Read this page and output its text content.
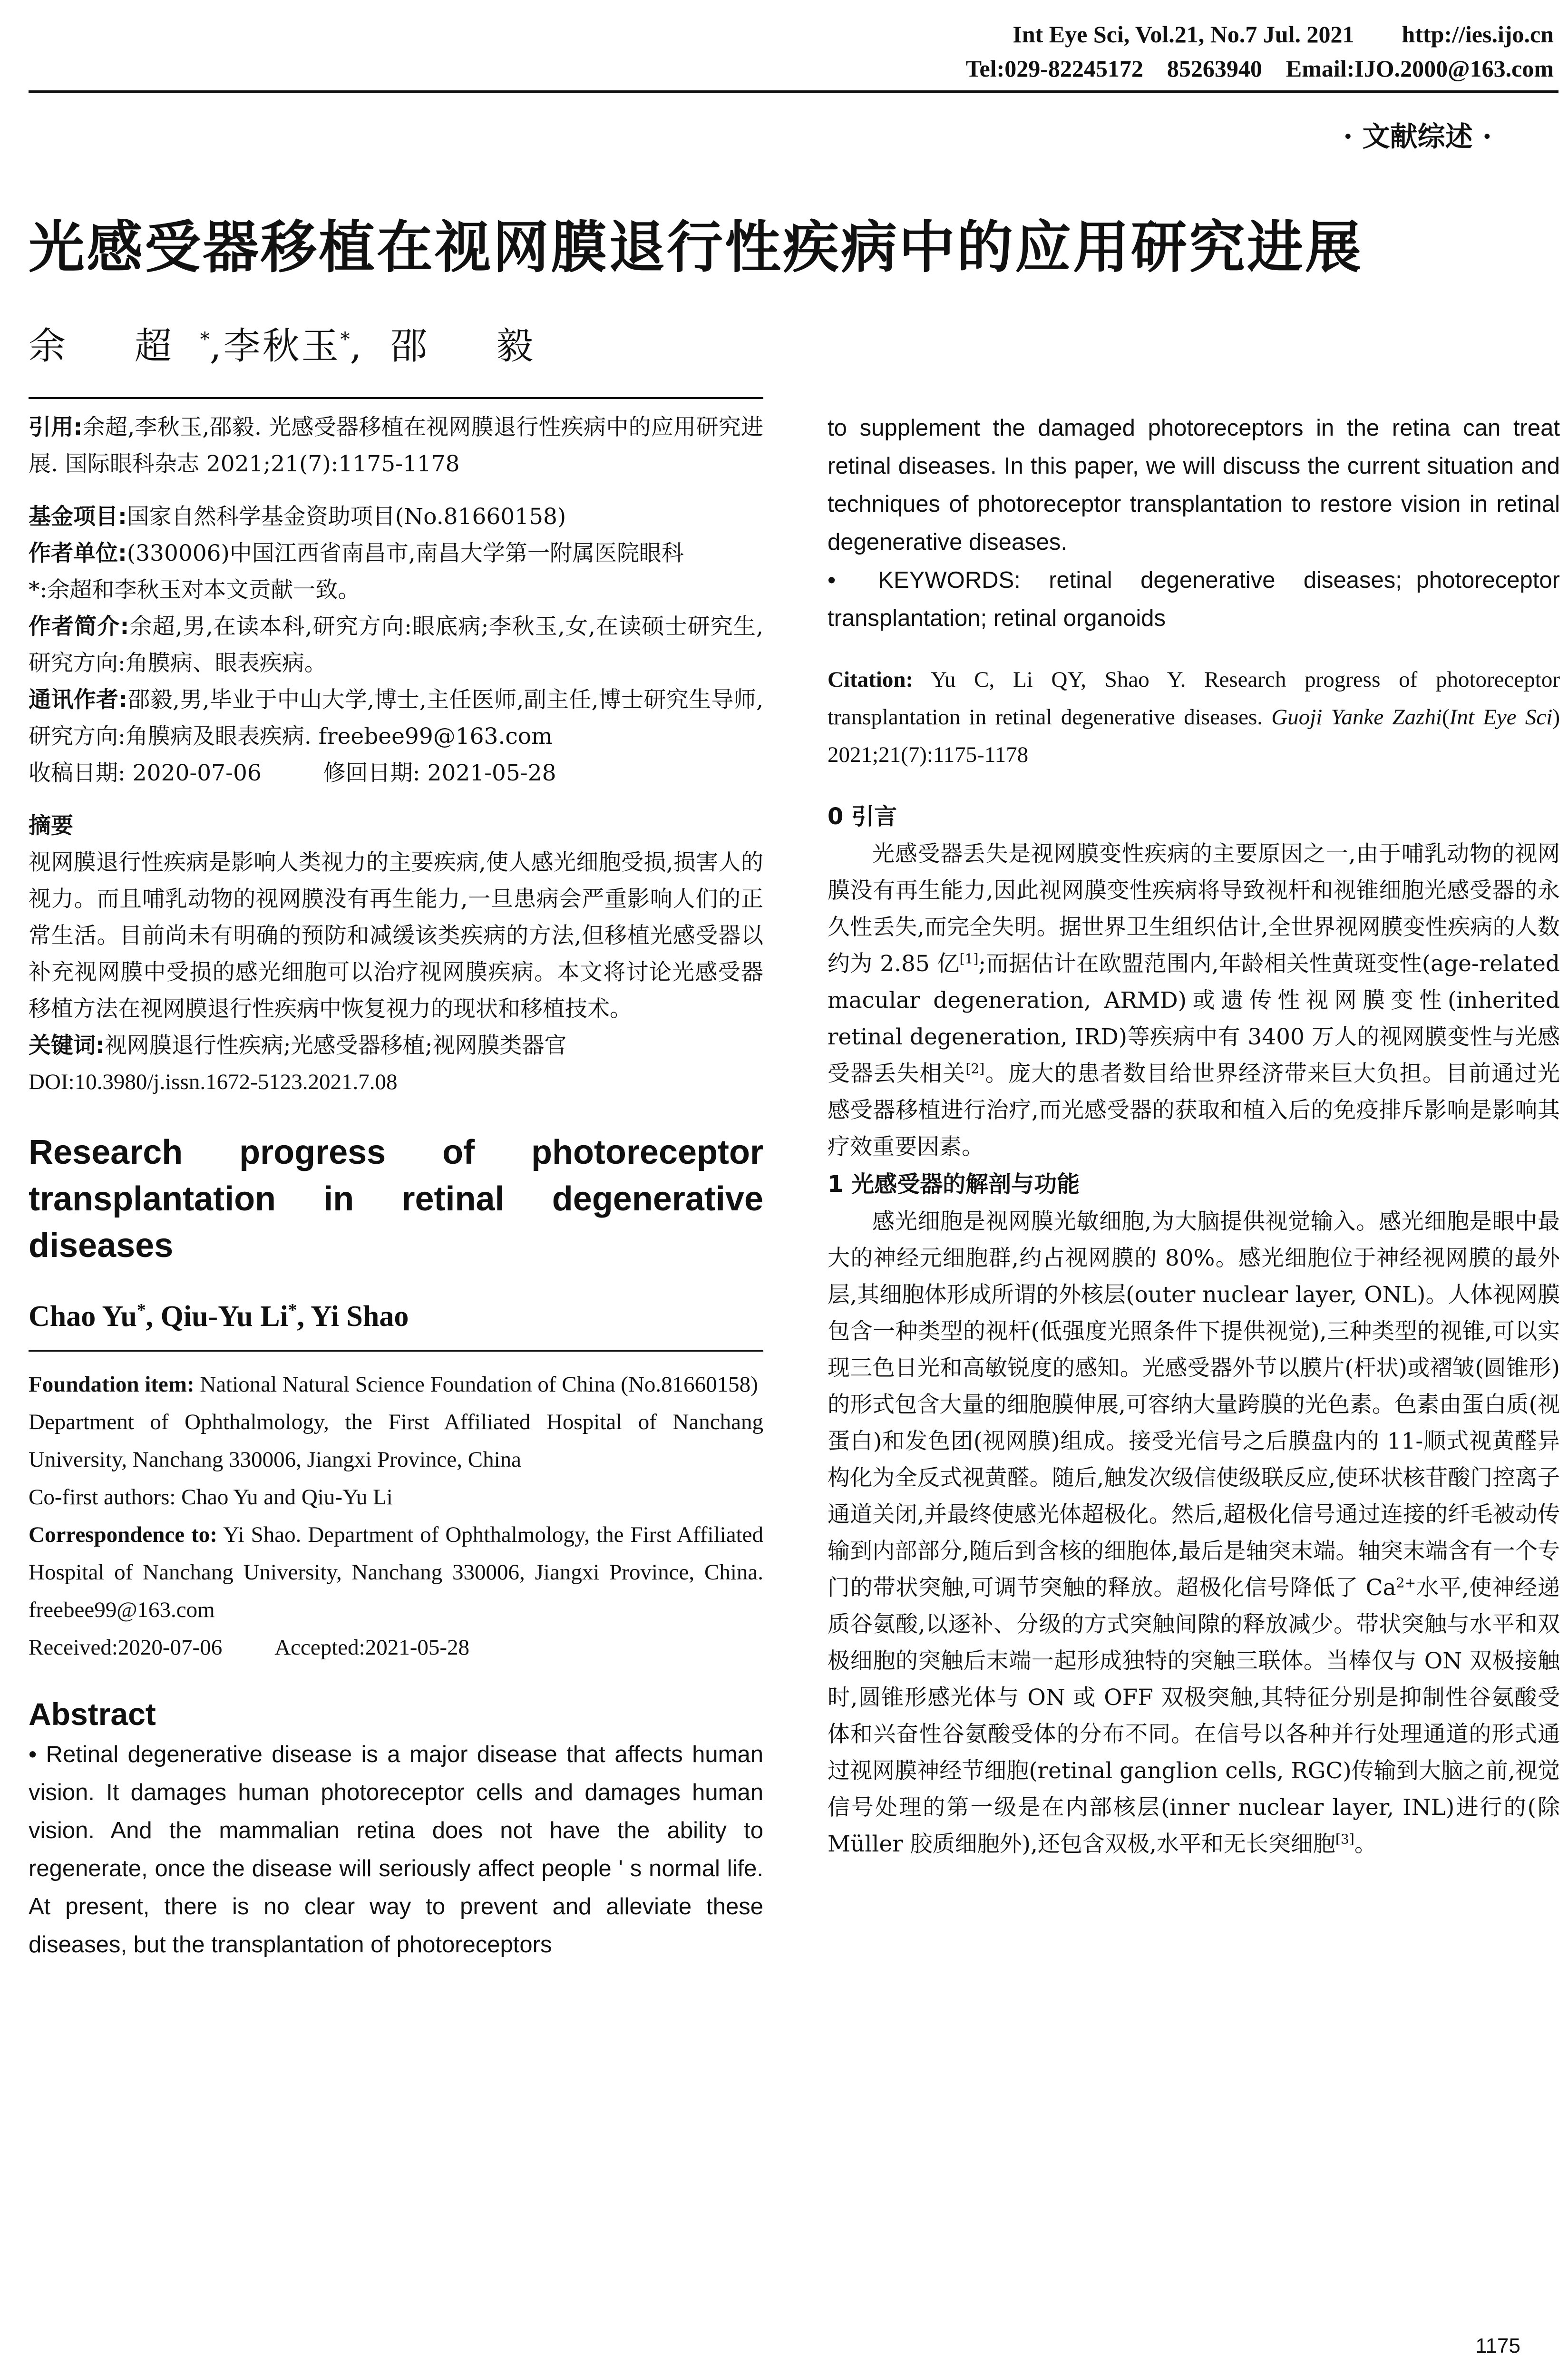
Int Eye Sci, Vol.21, No.7 Jul. 2021        http://ies.ijo.cn
Tel:029-82245172    85263940    Email:IJO.2000@163.com
· 文献综述 ·
光感受器移植在视网膜退行性疾病中的应用研究进展
余 超*,李秋玉*,邵 毅

引用:余超,李秋玉,邵毅. 光感受器移植在视网膜退行性疾病中的应用研究进展. 国际眼科杂志 2021;21(7):1175-1178

基金项目:国家自然科学基金资助项目(No.81660158)

作者单位:(330006)中国江西省南昌市,南昌大学第一附属医院眼科

*:余超和李秋玉对本文贡献一致。

作者简介:余超,男,在读本科,研究方向:眼底病;李秋玉,女,在读硕士研究生,研究方向:角膜病、眼表疾病。

通讯作者:邵毅,男,毕业于中山大学,博士,主任医师,副主任,博士研究生导师,研究方向:角膜病及眼表疾病. freebee99@163.com

收稿日期: 2020-07-06	修回日期: 2021-05-28

摘要

视网膜退行性疾病是影响人类视力的主要疾病,使人感光细胞受损,损害人的视力。而且哺乳动物的视网膜没有再生能力,一旦患病会严重影响人们的正常生活。目前尚未有明确的预防和减缓该类疾病的方法,但移植光感受器以补充视网膜中受损的感光细胞可以治疗视网膜疾病。本文将讨论光感受器移植方法在视网膜退行性疾病中恢复视力的现状和移植技术。

关键词:视网膜退行性疾病;光感受器移植;视网膜类器官

DOI:10.3980/j.issn.1672-5123.2021.7.08

Research progress of photoreceptor transplantation in retinal degenerative diseases

Chao Yu*, Qiu-Yu Li*, Yi Shao

Foundation item: National Natural Science Foundation of China (No.81660158)

Department of Ophthalmology, the First Affiliated Hospital of Nanchang University, Nanchang 330006, Jiangxi Province, China

Co-first authors: Chao Yu and Qiu-Yu Li

Correspondence to: Yi Shao. Department of Ophthalmology, the First Affiliated Hospital of Nanchang University, Nanchang 330006, Jiangxi Province, China. freebee99@163.com

Received:2020-07-06 Accepted:2021-05-28

Abstract

• Retinal degenerative disease is a major disease that affects human vision. It damages human photoreceptor cells and damages human vision. And the mammalian retina does not have the ability to regenerate, once the disease will seriously affect people ' s normal life. At present, there is no clear way to prevent and alleviate these diseases, but the transplantation of photoreceptors

to supplement the damaged photoreceptors in the retina can treat retinal diseases. In this paper, we will discuss the current situation and techniques of photoreceptor transplantation to restore vision in retinal degenerative diseases.

•   KEYWORDS:  retinal  degenerative  diseases; photoreceptor transplantation; retinal organoids

Citation: Yu C, Li QY, Shao Y. Research progress of photoreceptor transplantation in retinal degenerative diseases. Guoji Yanke Zazhi(Int Eye Sci) 2021;21(7):1175-1178

0 引言

光感受器丢失是视网膜变性疾病的主要原因之一,由于哺乳动物的视网膜没有再生能力,因此视网膜变性疾病将导致视杆和视锥细胞光感受器的永久性丢失,而完全失明。据世界卫生组织估计,全世界视网膜变性疾病的人数约为 2.85 亿[1];而据估计在欧盟范围内,年龄相关性黄斑变性(age-related macular degeneration, ARMD)或遗传性视网膜变性(inherited retinal degeneration, IRD)等疾病中有 3400 万人的视网膜变性与光感受器丢失相关[2]。庞大的患者数目给世界经济带来巨大负担。目前通过光感受器移植进行治疗,而光感受器的获取和植入后的免疫排斥影响是影响其疗效重要因素。

1 光感受器的解剖与功能

感光细胞是视网膜光敏细胞,为大脑提供视觉输入。感光细胞是眼中最大的神经元细胞群,约占视网膜的 80%。感光细胞位于神经视网膜的最外层,其细胞体形成所谓的外核层(outer nuclear layer, ONL)。人体视网膜包含一种类型的视杆(低强度光照条件下提供视觉),三种类型的视锥,可以实现三色日光和高敏锐度的感知。光感受器外节以膜片(杆状)或褶皱(圆锥形)的形式包含大量的细胞膜伸展,可容纳大量跨膜的光色素。色素由蛋白质(视蛋白)和发色团(视网膜)组成。接受光信号之后膜盘内的 11-顺式视黄醛异构化为全反式视黄醛。随后,触发次级信使级联反应,使环状核苷酸门控离子通道关闭,并最终使感光体超极化。然后,超极化信号通过连接的纤毛被动传输到内部部分,随后到含核的细胞体,最后是轴突末端。轴突末端含有一个专门的带状突触,可调节突触的释放。超极化信号降低了 $Ca^{2+}$水平,使神经递质谷氨酸,以逐补、分级的方式突触间隙的释放减少。带状突触与水平和双极细胞的突触后末端一起形成独特的突触三联体。当棒仅与 ON 双极接触时,圆锥形感光体与 ON 或 OFF 双极突触,其特征分别是抑制性谷氨酸受体和兴奋性谷氨酸受体的分布不同。在信号以各种并行处理通道的形式通过视网膜神经节细胞(retinal ganglion cells, RGC)传输到大脑之前,视觉信号处理的第一级是在内部核层(inner nuclear layer, INL)进行的(除 Müller 胶质细胞外),还包含双极,水平和无长突细胞[3]。

1175
